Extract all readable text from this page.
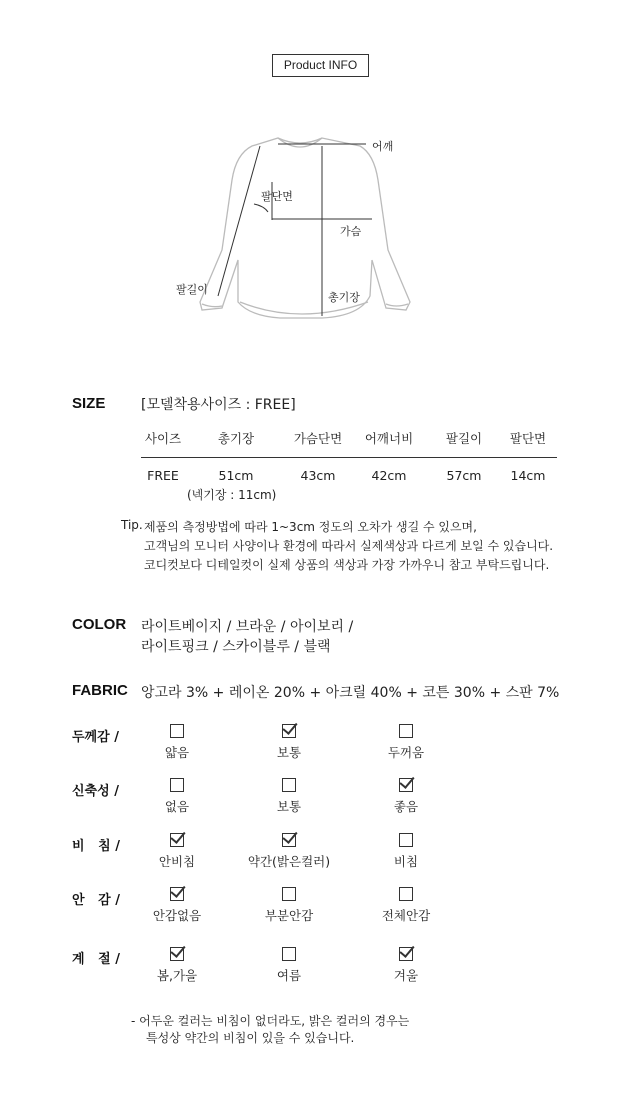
Product INFO
어깨
팔단면
가슴
총기장
팔길이
SIZE	[모델착용사이즈 : FREE]
사이즈	총기장	가슴단면	어깨너비	팔길이	팔단면
FREE	51cm	43cm	42cm	57cm	14cm
(넥기장 : 11cm)
Tip. 제품의 측정방법에 따라 1~3cm 정도의 오차가 생길 수 있으며,
고객님의 모니터 사양이나 환경에 따라서 실제색상과 다르게 보일 수 있습니다.
코디컷보다 디테일컷이 실제 상품의 색상과 가장 가까우니 참고 부탁드립니다.
COLOR 라이트베이지 / 브라운 / 아이보리 /
라이트핑크 / 스카이블루 / 블랙
FABRIC 앙고라 3% + 레이온 20% + 아크릴 40% + 코튼 30% + 스판 7%
두께감 /
얇음	보통	두꺼움
신축성 /
없음	보통	좋음
비   침 /
안비침	약간(밝은컬러)	비침
안   감 /
안감없음	부분안감	전체안감
계   절 /
봄,가을	여름	겨울
- 어두운 컬러는 비침이 없더라도, 밝은 컬러의 경우는
특성상 약간의 비침이 있을 수 있습니다.
